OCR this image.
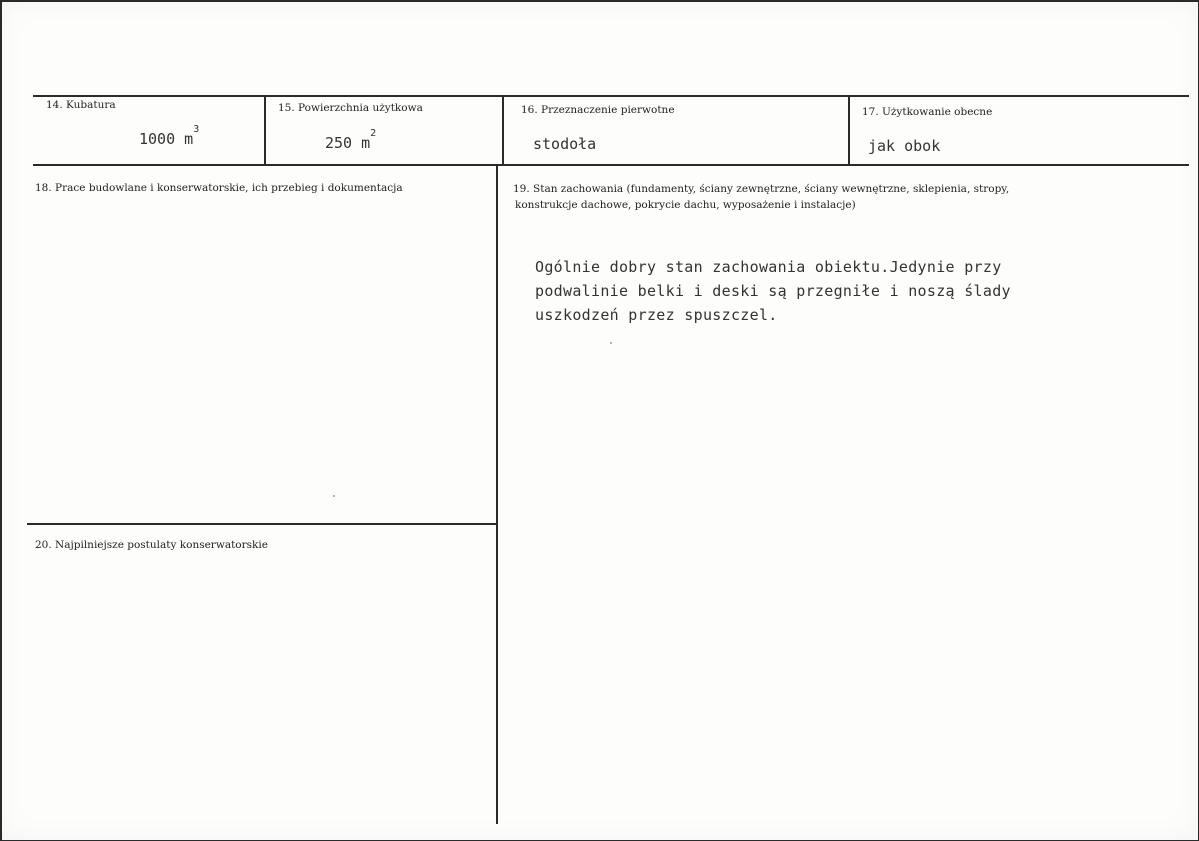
14. Kubatura
1000 $m^3$
15. Powierzchnia użytkowa
250 $m^2$
16. Przeznaczenie pierwotne
stodoła
17. Użytkowanie obecne
jak obok
18. Prace budowlane i konserwatorskie, ich przebieg i dokumentacja	19. Stan zachowania (fundamenty, ściany zewnętrzne, ściany wewnętrzne, sklepienia, stropy,
konstrukcje dachowe, pokrycie dachu, wyposażenie i instalacje)
Ogólnie dobry stan zachowania obiektu.Jedynie przy
podwalinie belki i deski są przegniłe i noszą ślady
uszkodzeń przez spuszczel.
20. Najpilniejsze postulaty konserwatorskie
